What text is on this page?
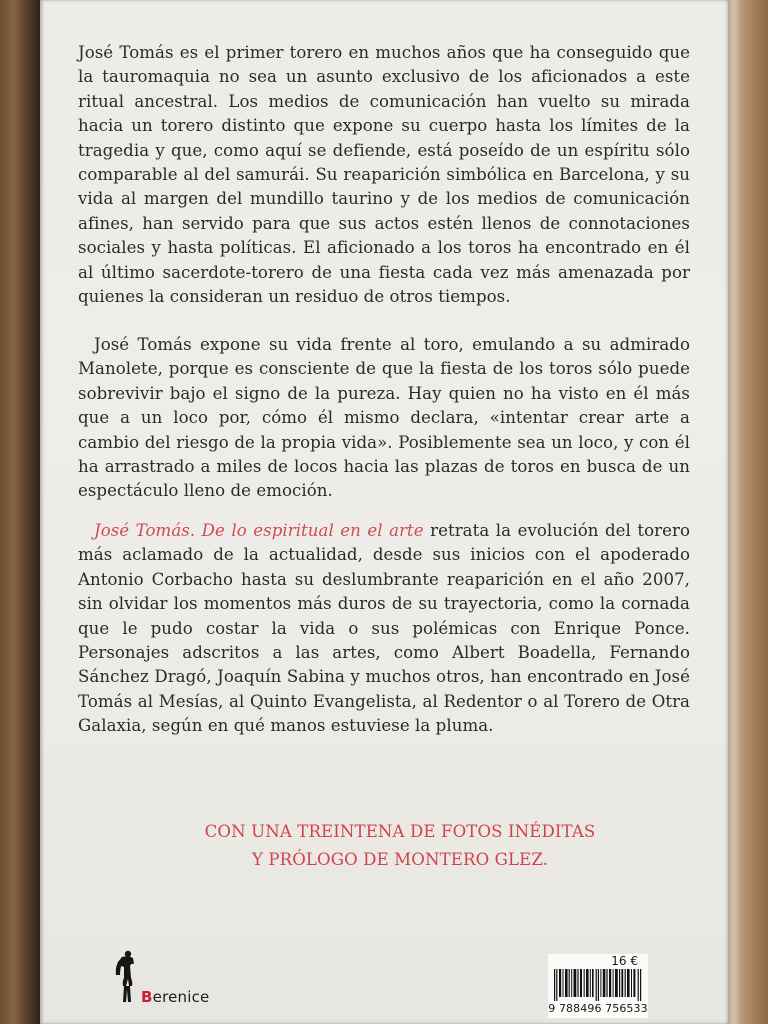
José Tomás es el primer torero en muchos años que ha conseguido que la tauromaquia no sea un asunto exclusivo de los aficionados a este ritual ancestral. Los medios de comunicación han vuelto su mirada hacia un torero distinto que expone su cuerpo hasta los límites de la tragedia y que, como aquí se defiende, está poseído de un espíritu sólo comparable al del samurái. Su reaparición simbólica en Barcelona, y su vida al margen del mundillo taurino y de los medios de comunicación afines, han servido para que sus actos estén llenos de connotaciones sociales y hasta políticas. El aficionado a los toros ha encontrado en él al último sacerdote-torero de una fiesta cada vez más amenazada por quienes la consideran un residuo de otros tiempos.

José Tomás expone su vida frente al toro, emulando a su admirado Manolete, porque es consciente de que la fiesta de los toros sólo puede sobrevivir bajo el signo de la pureza. Hay quien no ha visto en él más que a un loco por, cómo él mismo declara, «intentar crear arte a cambio del riesgo de la propia vida». Posiblemente sea un loco, y con él ha arrastrado a miles de locos hacia las plazas de toros en busca de un espectáculo lleno de emoción.

José Tomás. De lo espiritual en el arte retrata la evolución del torero más aclamado de la actualidad, desde sus inicios con el apoderado Antonio Corbacho hasta su deslumbrante reaparición en el año 2007, sin olvidar los momentos más duros de su trayectoria, como la cornada que le pudo costar la vida o sus polémicas con Enrique Ponce. Personajes adscritos a las artes, como Albert Boadella, Fernando Sánchez Dragó, Joaquín Sabina y muchos otros, han encontrado en José Tomás al Mesías, al Quinto Evangelista, al Redentor o al Torero de Otra Galaxia, según en qué manos estuviese la pluma.

CON UNA TREINTENA DE FOTOS INÉDITAS
Y PRÓLOGO DE MONTERO GLEZ.
Berenice
16 €
9 788496 756533
